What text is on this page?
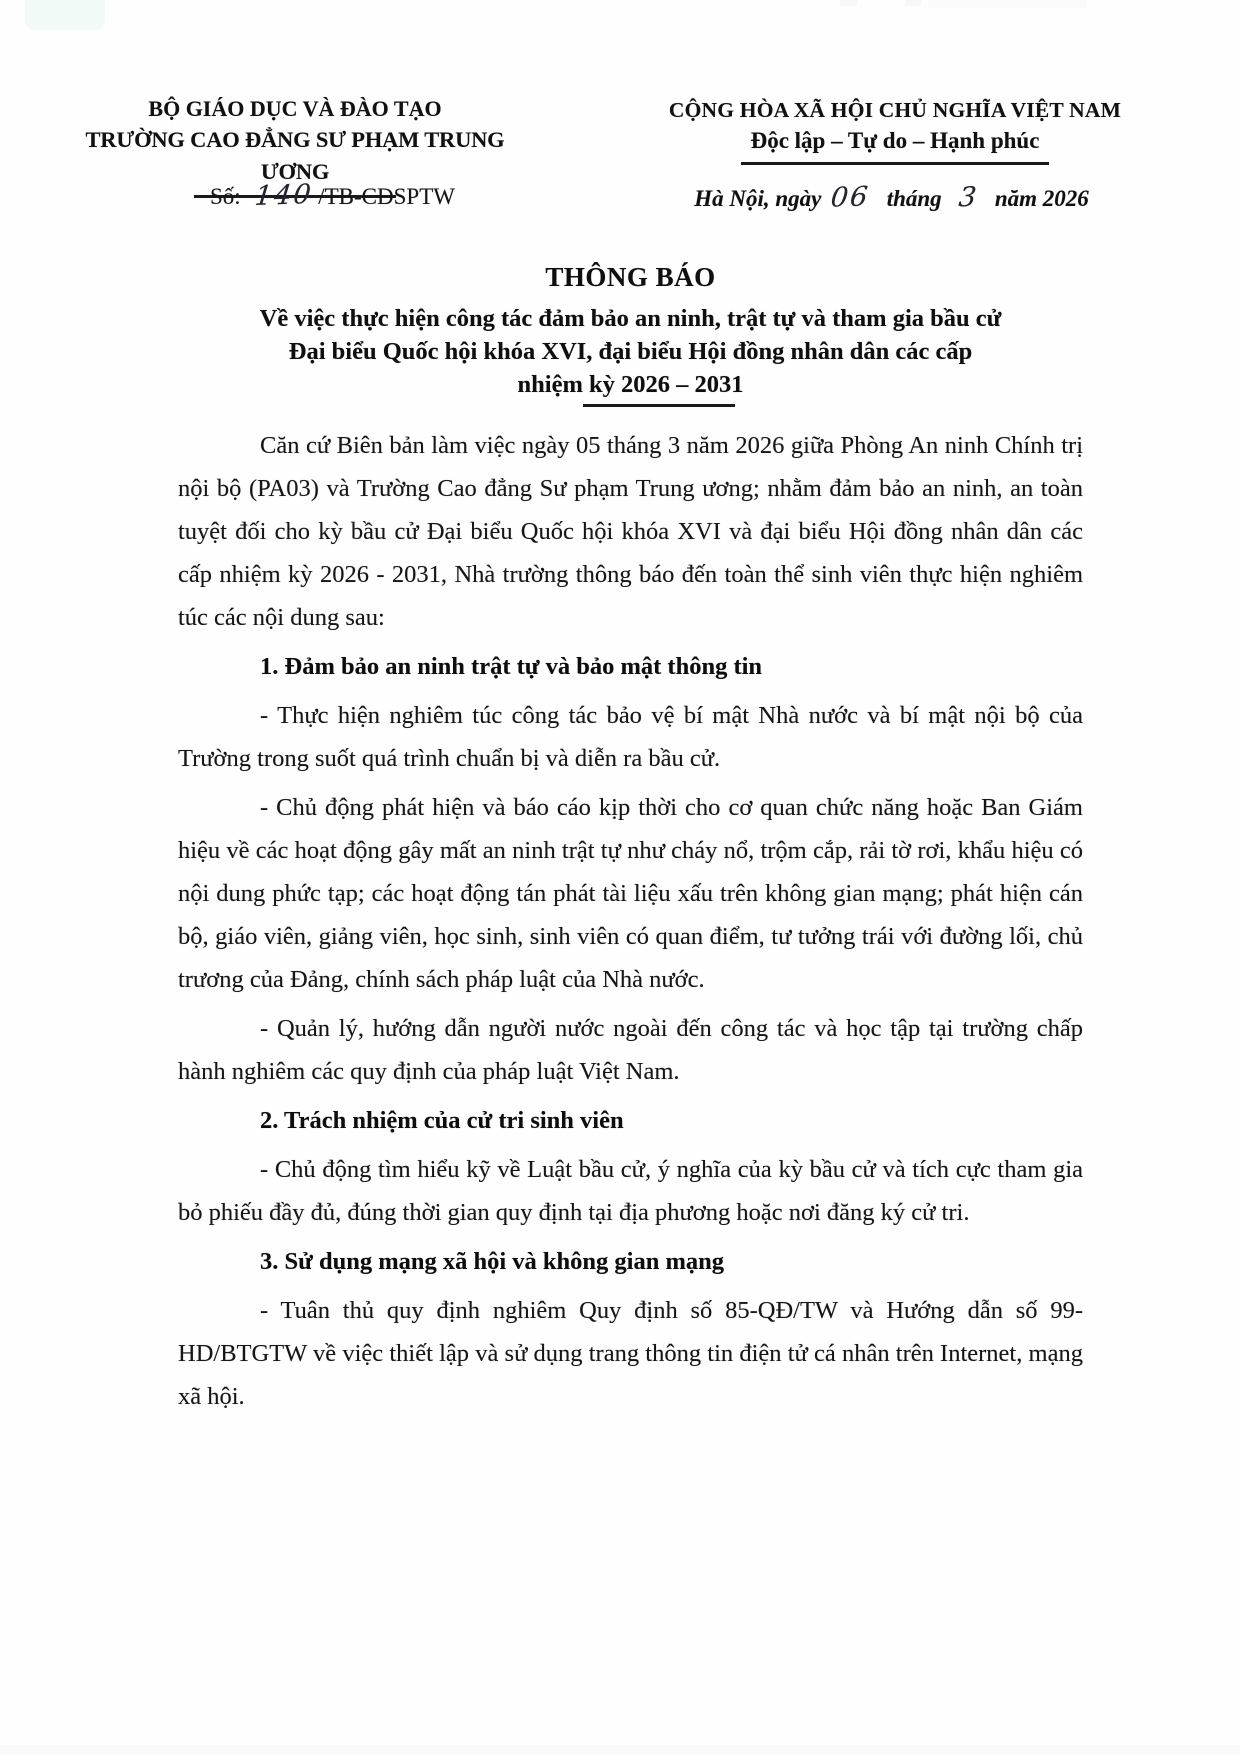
BỘ GIÁO DỤC VÀ ĐÀO TẠO
TRƯỜNG CAO ĐẲNG SƯ PHẠM TRUNG ƯƠNG
Số: 140 /TB-CĐSPTW
CỘNG HÒA XÃ HỘI CHỦ NGHĨA VIỆT NAM
Độc lập – Tự do – Hạnh phúc
Hà Nội, ngày 06 tháng 3 năm 2026
THÔNG BÁO
Về việc thực hiện công tác đảm bảo an ninh, trật tự và tham gia bầu cử
Đại biểu Quốc hội khóa XVI, đại biểu Hội đồng nhân dân các cấp
nhiệm kỳ 2026 – 2031

Căn cứ Biên bản làm việc ngày 05 tháng 3 năm 2026 giữa Phòng An ninh Chính trị nội bộ (PA03) và Trường Cao đẳng Sư phạm Trung ương; nhằm đảm bảo an ninh, an toàn tuyệt đối cho kỳ bầu cử Đại biểu Quốc hội khóa XVI và đại biểu Hội đồng nhân dân các cấp nhiệm kỳ 2026 - 2031, Nhà trường thông báo đến toàn thể sinh viên thực hiện nghiêm túc các nội dung sau:

1. Đảm bảo an ninh trật tự và bảo mật thông tin

- Thực hiện nghiêm túc công tác bảo vệ bí mật Nhà nước và bí mật nội bộ của Trường trong suốt quá trình chuẩn bị và diễn ra bầu cử.

- Chủ động phát hiện và báo cáo kịp thời cho cơ quan chức năng hoặc Ban Giám hiệu về các hoạt động gây mất an ninh trật tự như cháy nổ, trộm cắp, rải tờ rơi, khẩu hiệu có nội dung phức tạp; các hoạt động tán phát tài liệu xấu trên không gian mạng; phát hiện cán bộ, giáo viên, giảng viên, học sinh, sinh viên có quan điểm, tư tưởng trái với đường lối, chủ trương của Đảng, chính sách pháp luật của Nhà nước.

- Quản lý, hướng dẫn người nước ngoài đến công tác và học tập tại trường chấp hành nghiêm các quy định của pháp luật Việt Nam.

2. Trách nhiệm của cử tri sinh viên

- Chủ động tìm hiểu kỹ về Luật bầu cử, ý nghĩa của kỳ bầu cử và tích cực tham gia bỏ phiếu đầy đủ, đúng thời gian quy định tại địa phương hoặc nơi đăng ký cử tri.

3. Sử dụng mạng xã hội và không gian mạng

- Tuân thủ quy định nghiêm Quy định số 85-QĐ/TW và Hướng dẫn số 99-HD/BTGTW về việc thiết lập và sử dụng trang thông tin điện tử cá nhân trên Internet, mạng xã hội.
